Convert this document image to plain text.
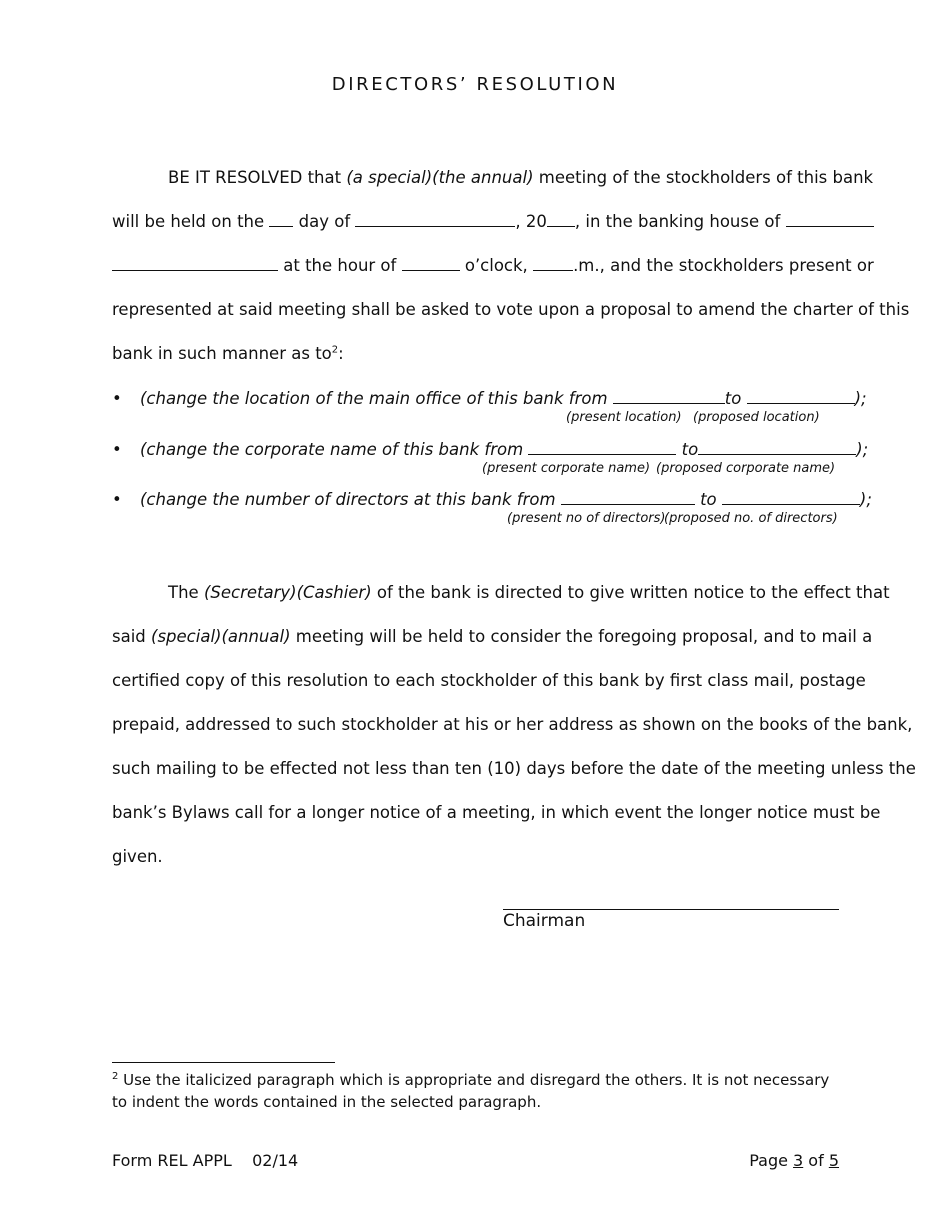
DIRECTORS’ RESOLUTION
BE IT RESOLVED that (a special)(the annual) meeting of the stockholders of this bank
will be held on the day of	, 20 , in the banking house of
at the hour of	o’clock,	.m., and the stockholders present or
represented at said meeting shall be asked to vote upon a proposal to amend the charter of this
bank in such manner as $to^2$:
• (change the location of the main office of this bank from	to	);
(present location) (proposed location)
• (change the corporate name of this bank from	to	);
(present corporate name) (proposed corporate name)
• (change the number of directors at this bank from	to	);
(present no of directors)
(proposed no. of directors)
The (Secretary)(Cashier) of the bank is directed to give written notice to the effect that
said (special)(annual) meeting will be held to consider the foregoing proposal, and to mail a
certified copy of this resolution to each stockholder of this bank by first class mail, postage
prepaid, addressed to such stockholder at his or her address as shown on the books of the bank,
such mailing to be effected not less than ten (10) days before the date of the meeting unless the
bank’s Bylaws call for a longer notice of a meeting, in which event the longer notice must be
given.
Chairman
$^2$ Use the italicized paragraph which is appropriate and disregard the others. It is not necessary to indent the words contained in the selected paragraph.
Form REL APPL    02/14	Page 3 of 5
